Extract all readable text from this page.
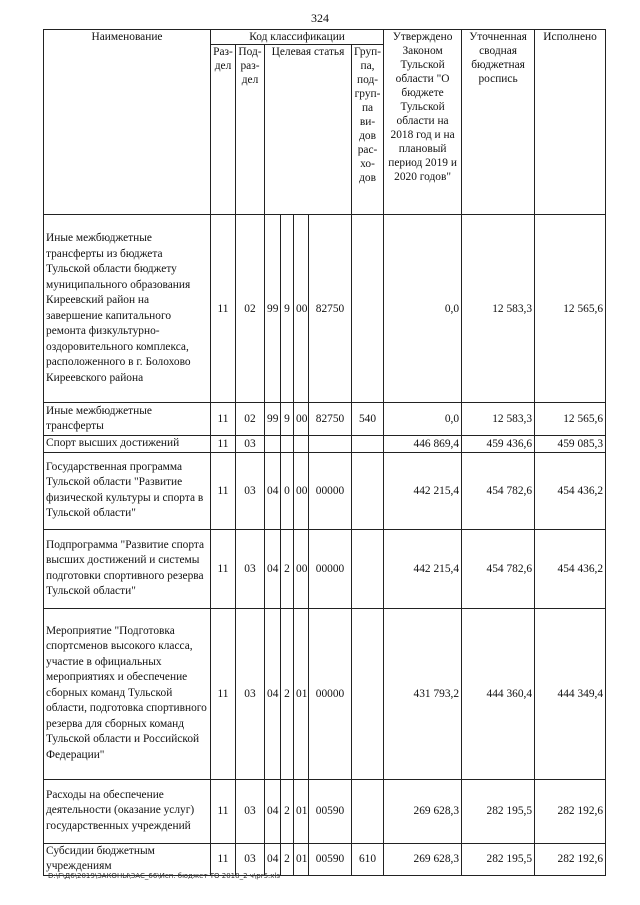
324
Наименование	Код классификации							Утверждено Законом Тульской области "О бюджете Тульской области на 2018 год и на плановый период 2019 и 2020 годов"	Уточненная сводная бюджетная роспись	Исполнено
	Раз-дел	Под-раз-дел	Целевая статья				Груп-па, под-груп-па ви-дов рас-хо-дов			
Иные межбюджетные трансферты из бюджета Тульской области бюджету муниципального образования Киреевский район на завершение капитального ремонта физкультурно-оздоровительного комплекса, расположенного в г. Болохово Киреевского района	11	02	99	9	00	82750		0,0	12 583,3	12 565,6
Иные межбюджетные трансферты	11	02	99	9	00	82750	540	0,0	12 583,3	12 565,6
Спорт высших достижений	11	03						446 869,4	459 436,6	459 085,3
Государственная программа Тульской области "Развитие физической культуры и спорта в Тульской области"	11	03	04	0	00	00000		442 215,4	454 782,6	454 436,2
Подпрограмма "Развитие спорта высших достижений и системы подготовки спортивного резерва Тульской области"	11	03	04	2	00	00000		442 215,4	454 782,6	454 436,2
Мероприятие "Подготовка спортсменов высокого класса, участие в официальных мероприятиях и обеспечение сборных команд Тульской области, подготовка спортивного резерва для сборных команд Тульской области и Российской Федерации"	11	03	04	2	01	00000		431 793,2	444 360,4	444 349,4
Расходы на обеспечение деятельности (оказание услуг) государственных учреждений	11	03	04	2	01	00590		269 628,3	282 195,5	282 192,6
Субсидии бюджетным учреждениям	11	03	04	2	01	00590	610	269 628,3	282 195,5	282 192,6
D:\Г\Д6\2019\ЗАКОНЫ\ЗАС_66\Исп. бюджет ТО 2018_2 ч\pr5.xls
